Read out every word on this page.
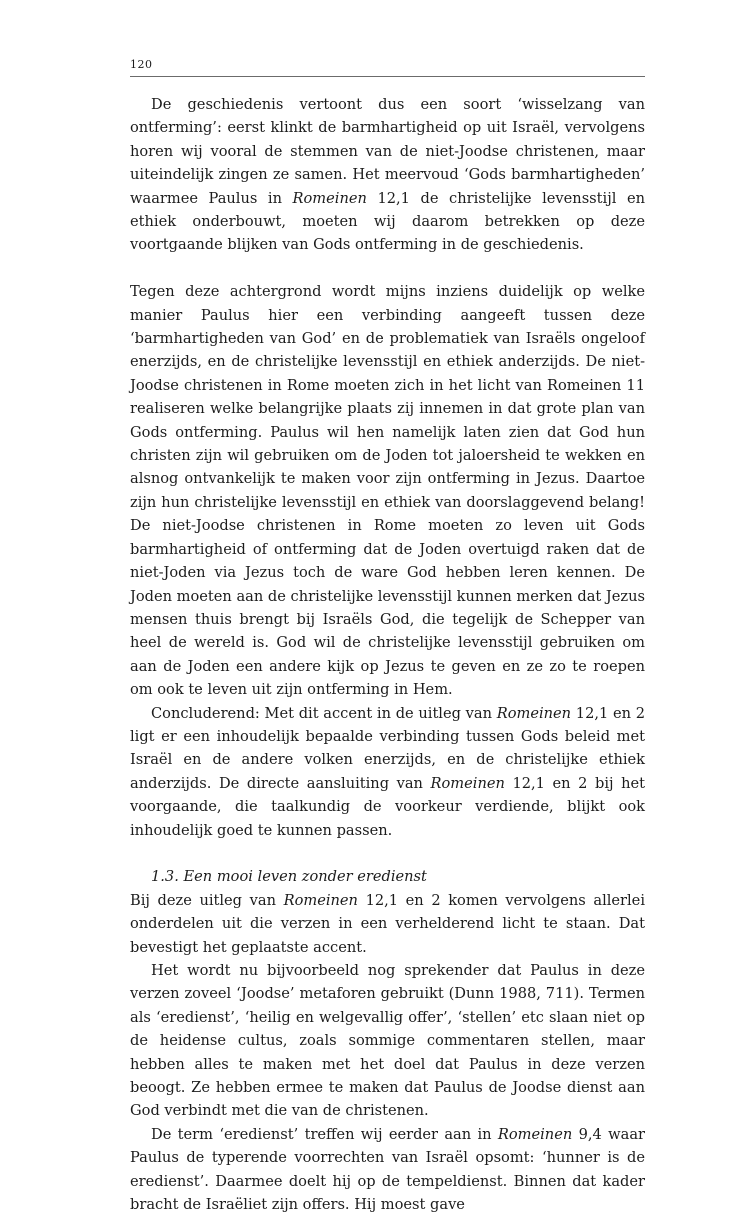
120

De geschiedenis vertoont dus een soort ‘wisselzang van ontferming’: eerst klinkt de barmhartigheid op uit Israël, vervolgens horen wij vooral de stemmen van de niet-Joodse christenen, maar uiteindelijk zingen ze samen. Het meervoud ‘Gods barmhartigheden’ waarmee Paulus in Romeinen 12,1 de christelijke levensstijl en ethiek onderbouwt, moeten wij daarom betrekken op deze voortgaande blijken van Gods ontferming in de geschiedenis.

Tegen deze achtergrond wordt mijns inziens duidelijk op welke manier Paulus hier een verbinding aangeeft tussen deze ‘barmhartigheden van God’ en de problematiek van Israëls ongeloof enerzijds, en de christelijke levensstijl en ethiek anderzijds. De niet-Joodse christenen in Rome moeten zich in het licht van Romeinen 11 realiseren welke belangrijke plaats zij innemen in dat grote plan van Gods ontferming. Paulus wil hen namelijk laten zien dat God hun christen zijn wil gebruiken om de Joden tot jaloersheid te wekken en alsnog ontvankelijk te maken voor zijn ontferming in Jezus. Daartoe zijn hun christelijke levensstijl en ethiek van doorslaggevend belang! De niet-Joodse christenen in Rome moeten zo leven uit Gods barmhartigheid of ontferming dat de Joden overtuigd raken dat de niet-Joden via Jezus toch de ware God hebben leren kennen. De Joden moeten aan de christelijke levensstijl kunnen merken dat Jezus mensen thuis brengt bij Israëls God, die tegelijk de Schepper van heel de wereld is. God wil de christelijke levensstijl gebruiken om aan de Joden een andere kijk op Jezus te geven en ze zo te roepen om ook te leven uit zijn ontferming in Hem.

Concluderend: Met dit accent in de uitleg van Romeinen 12,1 en 2 ligt er een inhoudelijk bepaalde verbinding tussen Gods beleid met Israël en de andere volken enerzijds, en de christelijke ethiek anderzijds. De directe aansluiting van Romeinen 12,1 en 2 bij het voorgaande, die taalkundig de voorkeur verdiende, blijkt ook inhoudelijk goed te kunnen passen.

1.3. Een mooi leven zonder eredienst

Bij deze uitleg van Romeinen 12,1 en 2 komen vervolgens allerlei onderdelen uit die verzen in een verhelderend licht te staan. Dat bevestigt het geplaatste accent.

Het wordt nu bijvoorbeeld nog sprekender dat Paulus in deze verzen zoveel ‘Joodse’ metaforen gebruikt (Dunn 1988, 711). Termen als ‘eredienst’, ‘heilig en welgevallig offer’, ‘stellen’ etc slaan niet op de heidense cultus, zoals sommige commentaren stellen, maar hebben alles te maken met het doel dat Paulus in deze verzen beoogt. Ze hebben ermee te maken dat Paulus de Joodse dienst aan God verbindt met die van de christenen.

De term ‘eredienst’ treffen wij eerder aan in Romeinen 9,4 waar Paulus de typerende voorrechten van Israël opsomt: ‘hunner is de eredienst’. Daarmee doelt hij op de tempeldienst. Binnen dat kader bracht de Israëliet zijn offers. Hij moest gave
